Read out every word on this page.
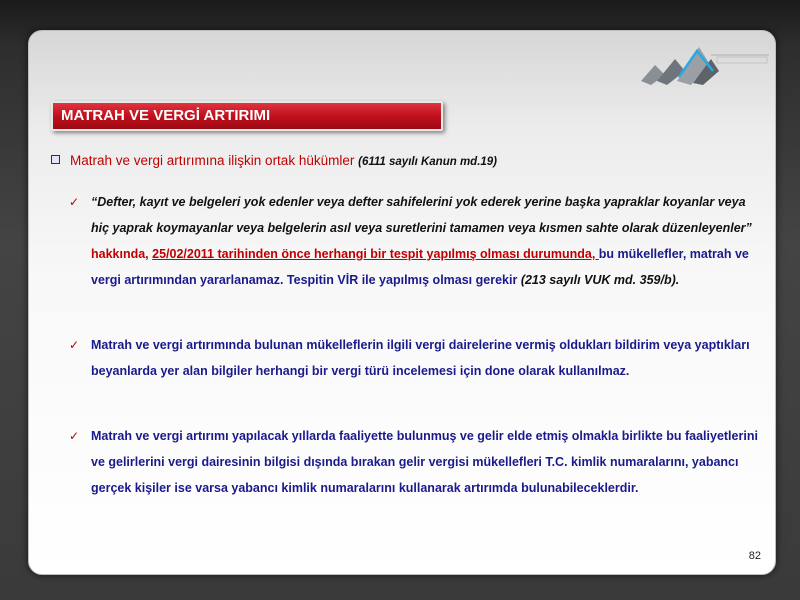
MATRAH VE VERGİ ARTIRIMI
Matrah ve vergi artırımına ilişkin ortak hükümler (6111 sayılı Kanun md.19)
✓ “Defter, kayıt ve belgeleri yok edenler veya defter sahifelerini yok ederek yerine başka yapraklar koyanlar veya hiç yaprak koymayanlar veya belgelerin asıl veya suretlerini tamamen veya kısmen sahte olarak düzenleyenler” hakkında, 25/02/2011 tarihinden önce herhangi bir tespit yapılmış olması durumunda, bu mükellefler, matrah ve vergi artırımından yararlanamaz. Tespitin VİR ile yapılmış olması gerekir (213 sayılı VUK md. 359/b).
✓ Matrah ve vergi artırımında bulunan mükelleflerin ilgili vergi dairelerine vermiş oldukları bildirim veya yaptıkları beyanlarda yer alan bilgiler herhangi bir vergi türü incelemesi için done olarak kullanılmaz.
✓ Matrah ve vergi artırımı yapılacak yıllarda faaliyette bulunmuş ve gelir elde etmiş olmakla birlikte bu faaliyetlerini ve gelirlerini vergi dairesinin bilgisi dışında bırakan gelir vergisi mükellefleri T.C. kimlik numaralarını, yabancı gerçek kişiler ise varsa yabancı kimlik numaralarını kullanarak artırımda bulunabileceklerdir.
82
